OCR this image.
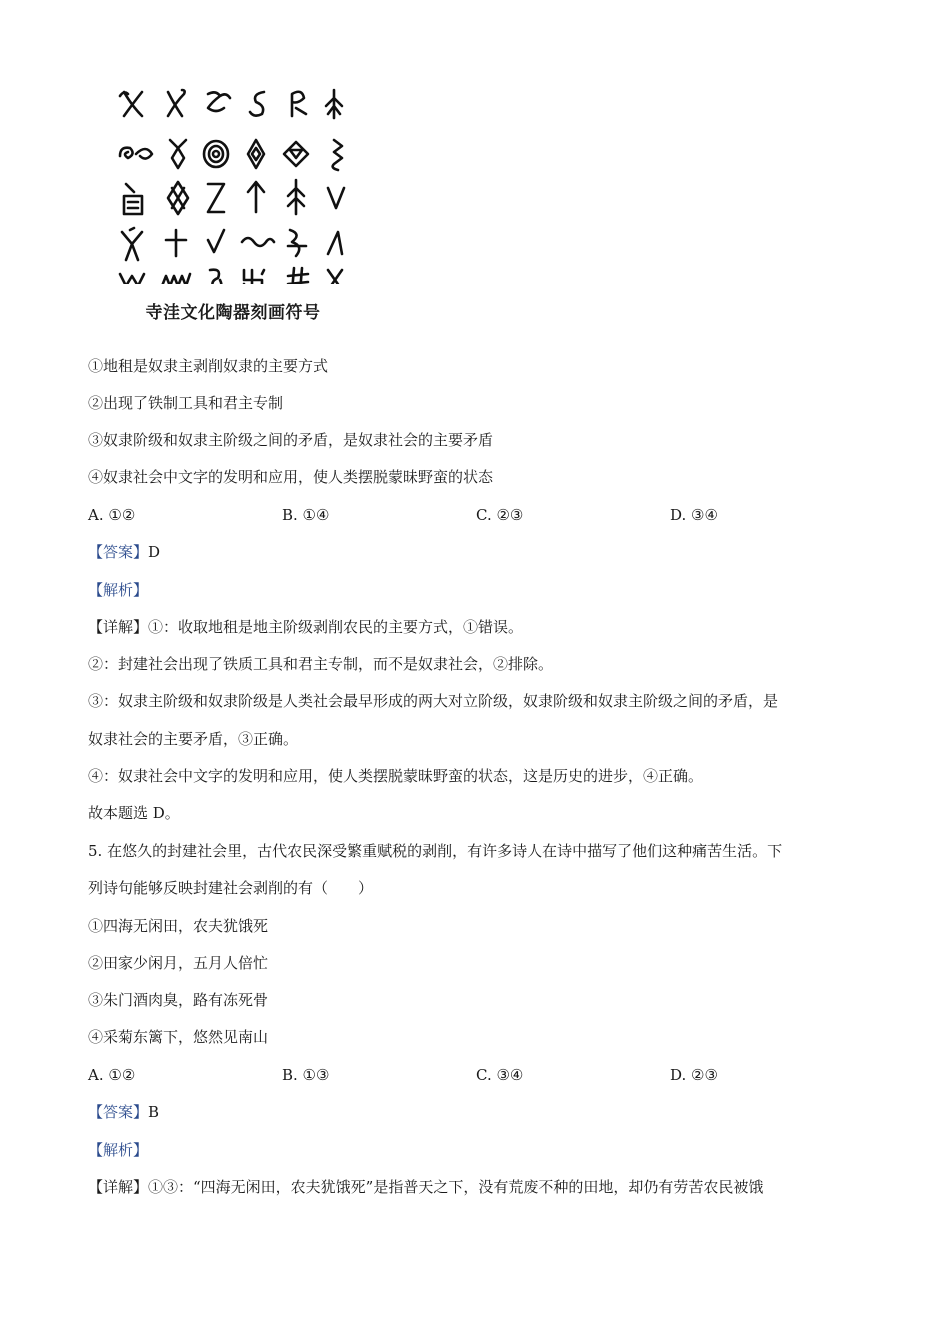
寺洼文化陶器刻画符号
①地租是奴隶主剥削奴隶的主要方式
②出现了铁制工具和君主专制
③奴隶阶级和奴隶主阶级之间的矛盾，是奴隶社会的主要矛盾
④奴隶社会中文字的发明和应用，使人类摆脱蒙昧野蛮的状态
A. ①②	B. ①④	C. ②③	D. ③④
【答案】D
【解析】
【详解】①：收取地租是地主阶级剥削农民的主要方式，①错误。
②：封建社会出现了铁质工具和君主专制，而不是奴隶社会，②排除。
③：奴隶主阶级和奴隶阶级是人类社会最早形成的两大对立阶级，奴隶阶级和奴隶主阶级之间的矛盾，是
奴隶社会的主要矛盾，③正确。
④：奴隶社会中文字的发明和应用，使人类摆脱蒙昧野蛮的状态，这是历史的进步，④正确。
故本题选 D。
5. 在悠久的封建社会里，古代农民深受繁重赋税的剥削，有许多诗人在诗中描写了他们这种痛苦生活。下
列诗句能够反映封建社会剥削的有（　　）
①四海无闲田，农夫犹饿死
②田家少闲月，五月人倍忙
③朱门酒肉臭，路有冻死骨
④采菊东篱下，悠然见南山
A. ①②	B. ①③	C. ③④	D. ②③
【答案】B
【解析】
【详解】①③：“四海无闲田，农夫犹饿死”是指普天之下，没有荒废不种的田地，却仍有劳苦农民被饿
